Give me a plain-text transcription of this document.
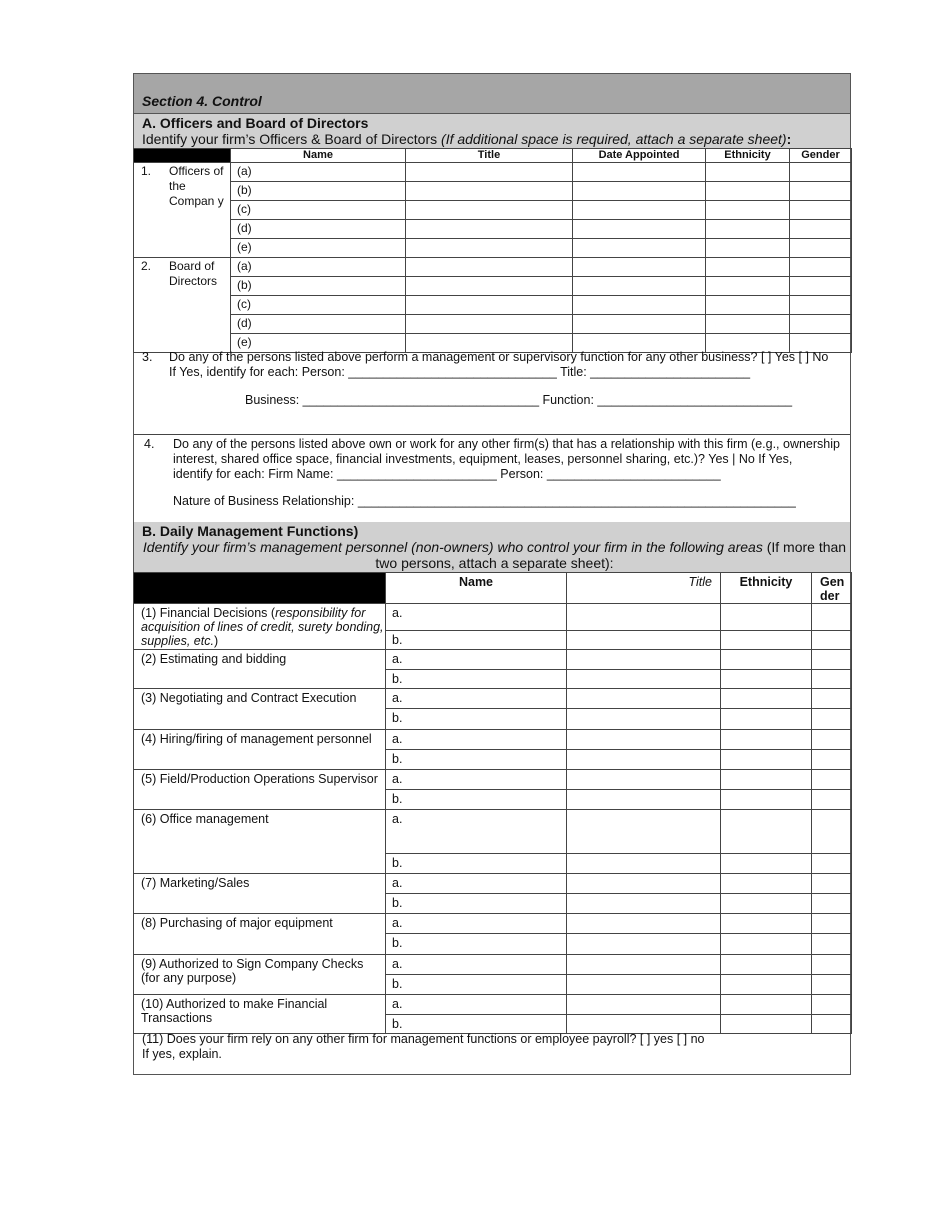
Section 4. Control
A. Officers and Board of Directors
Identify your firm’s Officers & Board of Directors (If additional space is required, attach a separate sheet):
	Name	Title	Date Appointed	Ethnicity	Gender

1. Officers of the Compan y	(a)				
	(b)				
	(c)				
	(d)				
	(e)				

2. Board of Directors	(a)				
	(b)				
	(c)				
	(d)				
	(e)				
3. Do any of the persons listed above perform a management or supervisory function for any other business? [ ] Yes [ ] No
If Yes, identify for each: Person: ______________________________ Title: _______________________
Business: __________________________________ Function: ____________________________
4. Do any of the persons listed above own or work for any other firm(s) that has a relationship with this firm (e.g., ownership
interest, shared office space, financial investments, equipment, leases, personnel sharing, etc.)? Yes | No If Yes,
identify for each: Firm Name: _______________________ Person: _________________________
Nature of Business Relationship: _______________________________________________________________
B. Daily Management Functions)
Identify your firm’s management personnel (non-owners) who control your firm in the following areas (If more than two persons, attach a separate sheet):
	Name	Title	Ethnicity	Gen der
(1) Financial Decisions (responsibility for acquisition of lines of credit, surety bonding, supplies, etc.)	a.			
	b.			
(2) Estimating and bidding	a.			
	b.			
(3) Negotiating and Contract Execution	a.			
	b.			
(4) Hiring/firing of management personnel	a.			
	b.			
(5) Field/Production Operations Supervisor	a.			
	b.			
(6) Office management	a.			
	b.			
(7) Marketing/Sales	a.			
	b.			
(8) Purchasing of major equipment	a.			
	b.			
(9) Authorized to Sign Company Checks (for any purpose)	a.			
	b.			
(10) Authorized to make Financial Transactions	a.			
	b.			
(11) Does your firm rely on any other firm for management functions or employee payroll? [ ] yes [ ] no
If yes, explain.
